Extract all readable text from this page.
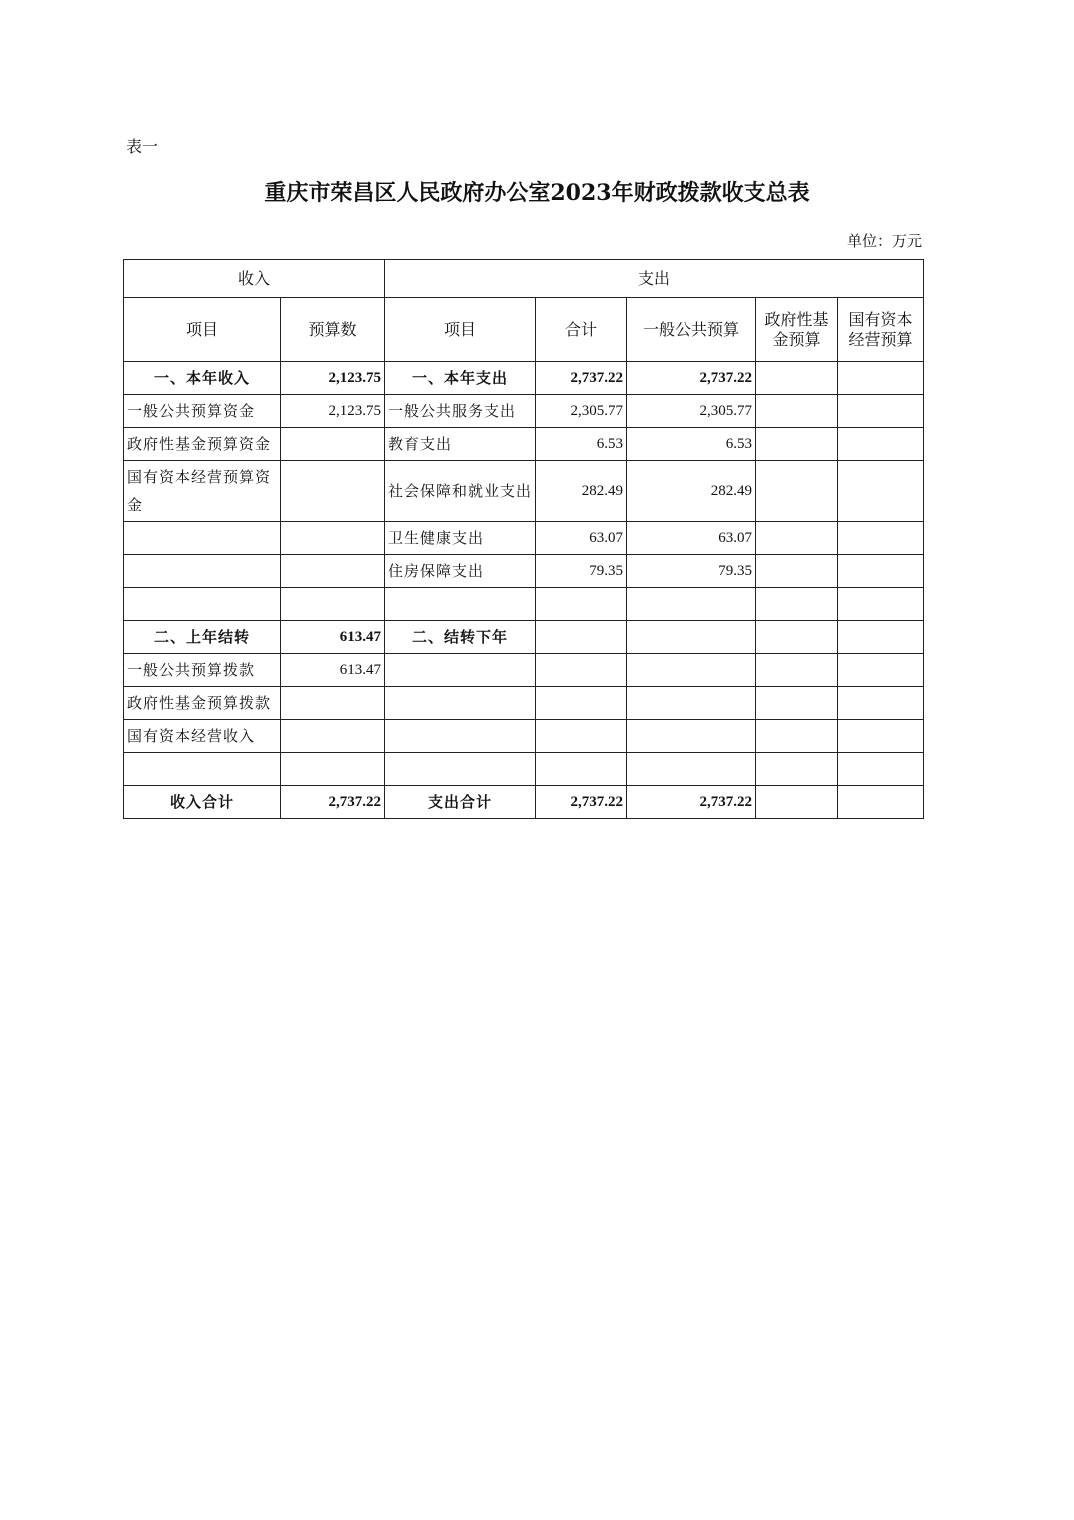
表一
重庆市荣昌区人民政府办公室2023年财政拨款收支总表
单位：万元
收入		支出				
项目	预算数	项目	合计	一般公共预算	政府性基金预算	国有资本经营预算
一、本年收入	2,123.75	一、本年支出	2,737.22	2,737.22		
一般公共预算资金	2,123.75	一般公共服务支出	2,305.77	2,305.77		
政府性基金预算资金		教育支出	6.53	6.53		
国有资本经营预算资金		社会保障和就业支出	282.49	282.49		
		卫生健康支出	63.07	63.07		
		住房保障支出	79.35	79.35		

二、上年结转	613.47	二、结转下年				
一般公共预算拨款	613.47					
政府性基金预算拨款						
国有资本经营收入						

收入合计	2,737.22	支出合计	2,737.22	2,737.22		
